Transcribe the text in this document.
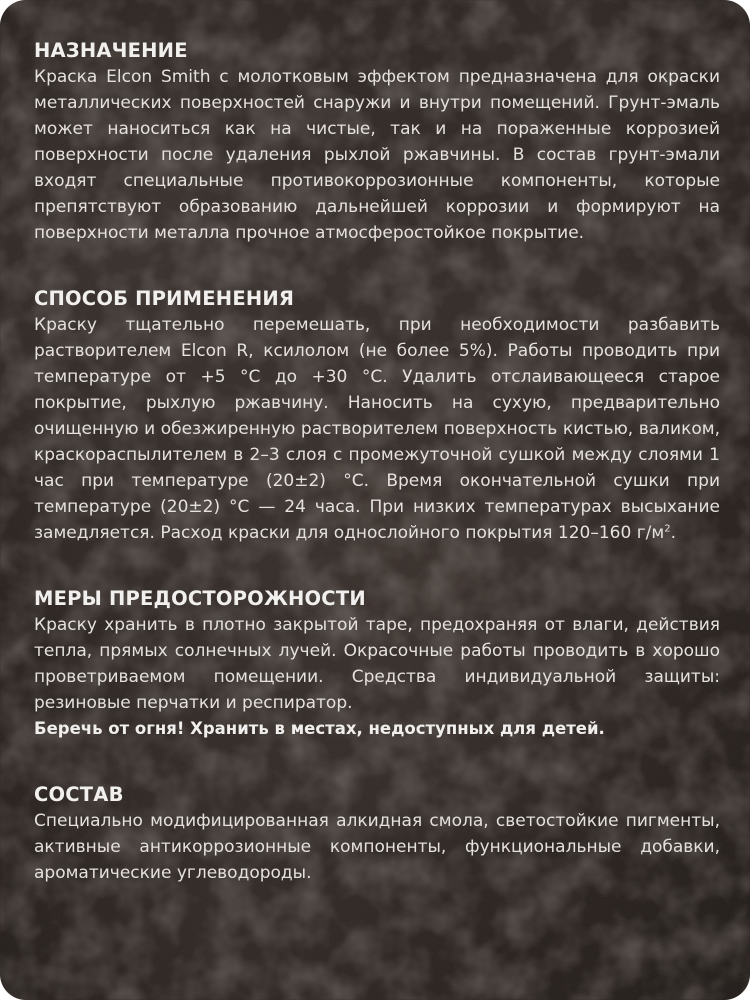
НАЗНАЧЕНИЕ

Краска Elcon Smith с молотковым эффектом предназначена для окраски металлических поверхностей снаружи и внутри помещений. Грунт-эмаль может наноситься как на чистые, так и на пораженные коррозией поверхности после удаления рыхлой ржавчины. В состав грунт-эмали входят специальные противокоррозионные компоненты, которые препятствуют образованию дальнейшей коррозии и формируют на поверхности металла прочное атмосферостойкое покрытие.

СПОСОБ ПРИМЕНЕНИЯ

Краску тщательно перемешать, при необходимости разбавить растворителем Elcon R, ксилолом (не более 5%). Работы проводить при температуре от +5 °С до +30 °С. Удалить отслаивающееся старое покрытие, рыхлую ржавчину. Наносить на сухую, предварительно очищенную и обезжиренную растворителем поверхность кистью, валиком, краскораспылителем в 2–3 слоя с промежуточной сушкой между слоями 1 час при температуре (20±2) °С. Время окончательной сушки при температуре (20±2) °С — 24 часа. При низких температурах высыхание замедляется. Расход краски для однослойного покрытия 120–160 $г/м^2$.

МЕРЫ ПРЕДОСТОРОЖНОСТИ

Краску хранить в плотно закрытой таре, предохраняя от влаги, действия тепла, прямых солнечных лучей. Окрасочные работы проводить в хорошо проветриваемом помещении. Средства индивидуальной защиты: резиновые перчатки и респиратор.

Беречь от огня! Хранить в местах, недоступных для детей.

СОСТАВ

Специально модифицированная алкидная смола, светостойкие пигменты, активные антикоррозионные компоненты, функциональные добавки, ароматические углеводороды.
